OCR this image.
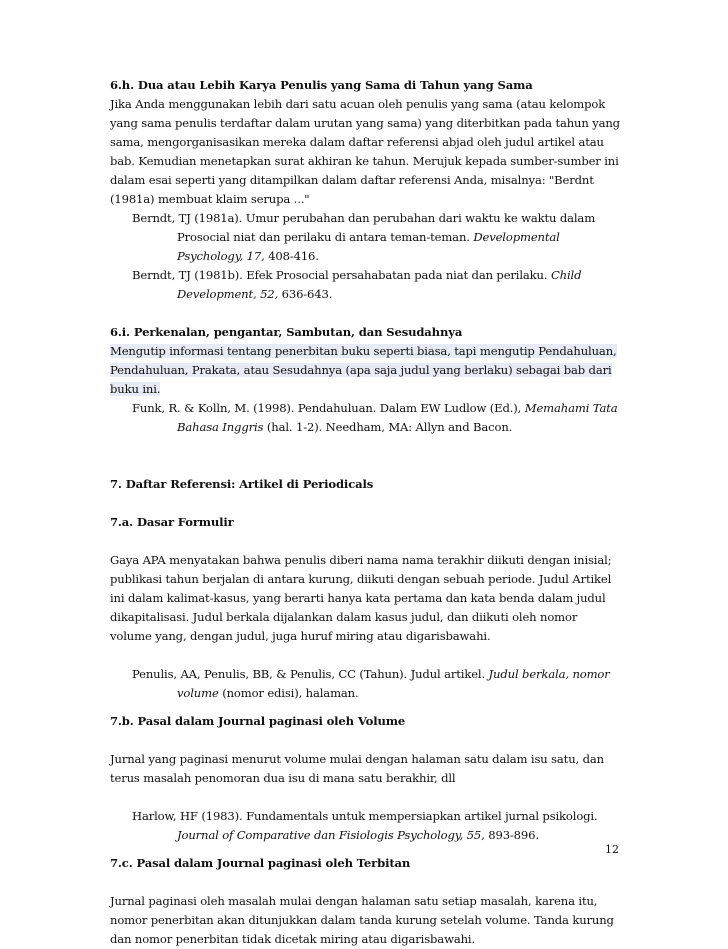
6.h. Dua atau Lebih Karya Penulis yang Sama di Tahun yang Sama

Jika Anda menggunakan lebih dari satu acuan oleh penulis yang sama (atau kelompok yang sama penulis terdaftar dalam urutan yang sama) yang diterbitkan pada tahun yang sama, mengorganisasikan mereka dalam daftar referensi abjad oleh judul artikel atau bab. Kemudian menetapkan surat akhiran ke tahun. Merujuk kepada sumber-sumber ini dalam esai seperti yang ditampilkan dalam daftar referensi Anda, misalnya: "Berdnt (1981a) membuat klaim serupa ..."

Berndt, TJ (1981a). Umur perubahan dan perubahan dari waktu ke waktu dalam Prosocial niat dan perilaku di antara teman-teman. Developmental Psychology, 17, 408-416.

Berndt, TJ (1981b). Efek Prosocial persahabatan pada niat dan perilaku. Child Development, 52, 636-643.

6.i. Perkenalan, pengantar, Sambutan, dan Sesudahnya

Mengutip informasi tentang penerbitan buku seperti biasa, tapi mengutip Pendahuluan, Pendahuluan, Prakata, atau Sesudahnya (apa saja judul yang berlaku) sebagai bab dari buku ini.

Funk, R. & Kolln, M. (1998). Pendahuluan. Dalam EW Ludlow (Ed.), Memahami Tata Bahasa Inggris (hal. 1-2). Needham, MA: Allyn and Bacon.

7. Daftar Referensi: Artikel di Periodicals

7.a. Dasar Formulir

Gaya APA menyatakan bahwa penulis diberi nama nama terakhir diikuti dengan inisial; publikasi tahun berjalan di antara kurung, diikuti dengan sebuah periode. Judul Artikel ini dalam kalimat-kasus, yang berarti hanya kata pertama dan kata benda dalam judul dikapitalisasi. Judul berkala dijalankan dalam kasus judul, dan diikuti oleh nomor volume yang, dengan judul, juga huruf miring atau digarisbawahi.

Penulis, AA, Penulis, BB, & Penulis, CC (Tahun). Judul artikel. Judul berkala, nomor volume (nomor edisi), halaman.

7.b. Pasal dalam Journal paginasi oleh Volume

Jurnal yang paginasi menurut volume mulai dengan halaman satu dalam isu satu, dan terus masalah penomoran dua isu di mana satu berakhir, dll

Harlow, HF (1983). Fundamentals untuk mempersiapkan artikel jurnal psikologi. Journal of Comparative dan Fisiologis Psychology, 55, 893-896.

7.c. Pasal dalam Journal paginasi oleh Terbitan

Jurnal paginasi oleh masalah mulai dengan halaman satu setiap masalah, karena itu, nomor penerbitan akan ditunjukkan dalam tanda kurung setelah volume. Tanda kurung dan nomor penerbitan tidak dicetak miring atau digarisbawahi.

12
